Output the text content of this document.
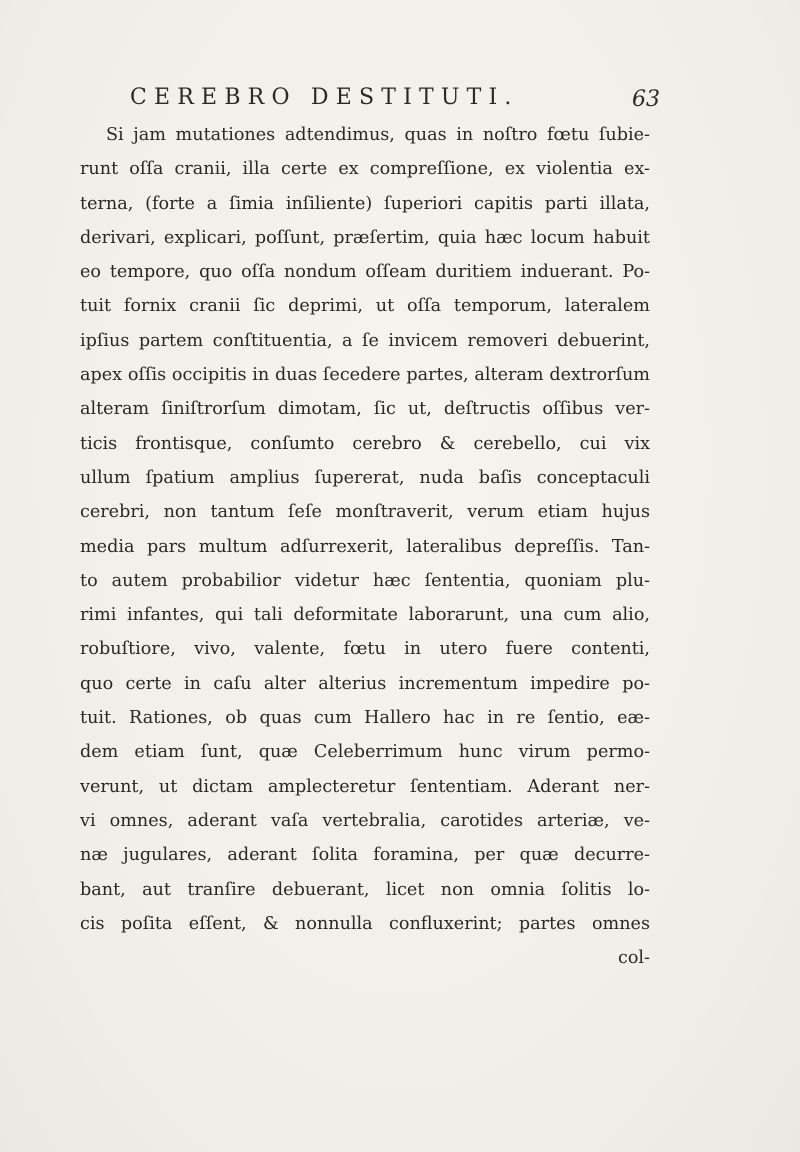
CEREBRO DESTITUTI.	63
Si jam mutationes adtendimus, quas in noſtro fœtu ſubie-
runt oſſa cranii, illa certe ex compreſſione, ex violentia ex-
terna, (forte a ſimia inſiliente) ſuperiori capitis parti illata,
derivari, explicari, poſſunt, præſertim, quia hæc locum habuit
eo tempore, quo oſſa nondum oſſeam duritiem induerant. Po-
tuit fornix cranii ſic deprimi, ut oſſa temporum, lateralem
ipſius partem conſtituentia, a ſe invicem removeri debuerint,
apex oſſis occipitis in duas ſecedere partes, alteram dextrorſum
alteram ſiniſtrorſum dimotam, ſic ut, deſtructis oſſibus ver-
ticis frontisque, conſumto cerebro & cerebello, cui vix
ullum ſpatium amplius ſupererat, nuda baſis conceptaculi
cerebri, non tantum ſeſe monſtraverit, verum etiam hujus
media pars multum adſurrexerit, lateralibus depreſſis. Tan-
to autem probabilior videtur hæc ſententia, quoniam plu-
rimi infantes, qui tali deformitate laborarunt, una cum alio,
robuſtiore, vivo, valente, fœtu in utero fuere contenti,
quo certe in caſu alter alterius incrementum impedire po-
tuit. Rationes, ob quas cum Hallero hac in re ſentio, eæ-
dem etiam ſunt, quæ Celeberrimum hunc virum permo-
verunt, ut dictam amplecteretur ſententiam. Aderant ner-
vi omnes, aderant vaſa vertebralia, carotides arteriæ, ve-
næ jugulares, aderant ſolita foramina, per quæ decurre-
bant, aut tranſire debuerant, licet non omnia ſolitis lo-
cis poſita eſſent, & nonnulla confluxerint; partes omnes
col-
